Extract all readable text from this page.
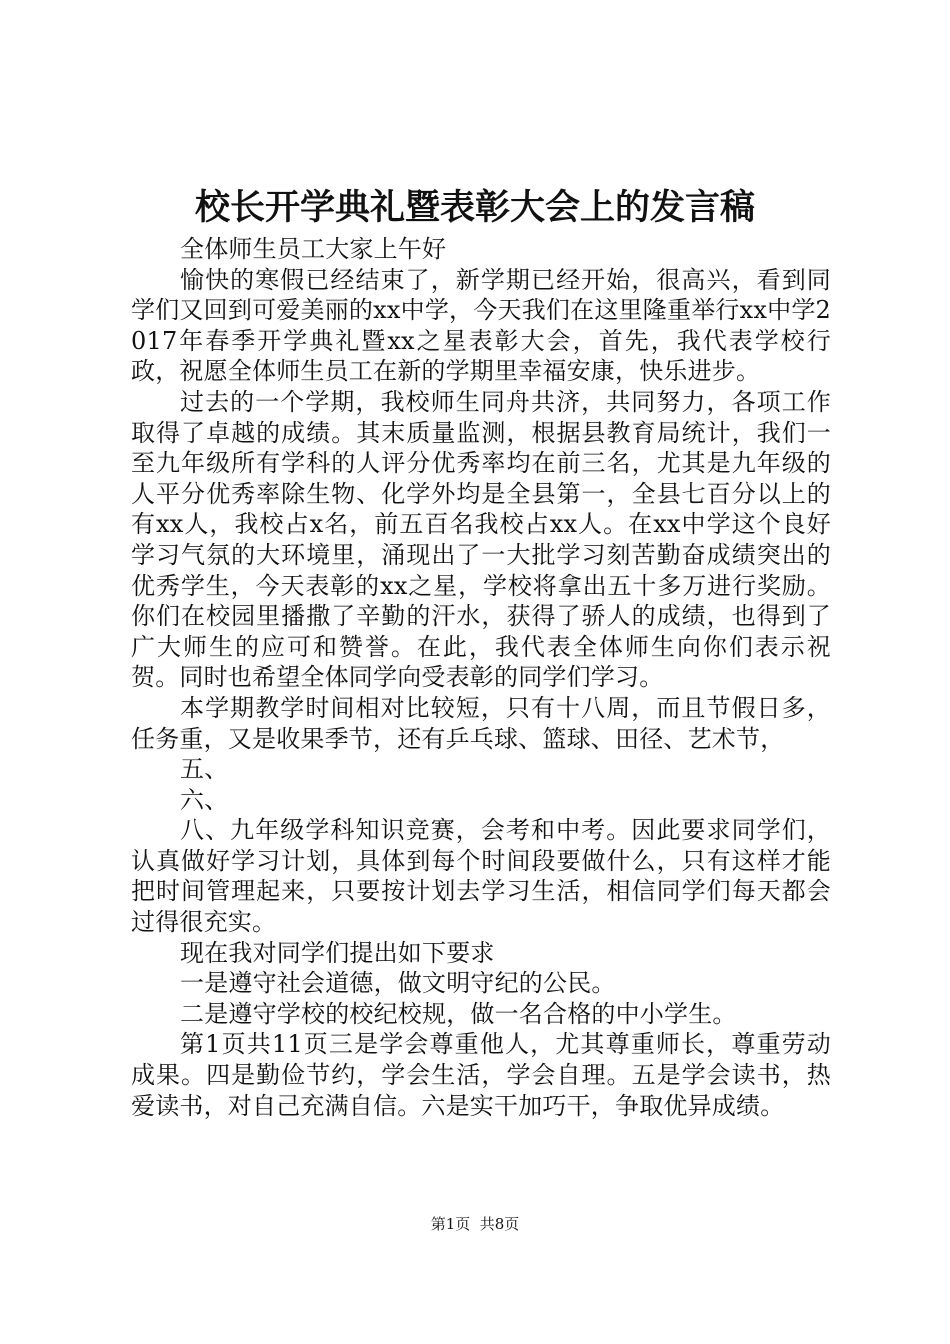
校长开学典礼暨表彰大会上的发言稿

全体师生员工大家上午好

愉快的寒假已经结束了，新学期已经开始，很高兴，看到同学们又回到可爱美丽的xx中学，今天我们在这里隆重举行xx中学2017年春季开学典礼暨xx之星表彰大会，首先，我代表学校行政，祝愿全体师生员工在新的学期里幸福安康，快乐进步。

过去的一个学期，我校师生同舟共济，共同努力，各项工作取得了卓越的成绩。其末质量监测，根据县教育局统计，我们一至九年级所有学科的人评分优秀率均在前三名，尤其是九年级的人平分优秀率除生物、化学外均是全县第一，全县七百分以上的有xx人，我校占x名，前五百名我校占xx人。在xx中学这个良好学习气氛的大环境里，涌现出了一大批学习刻苦勤奋成绩突出的优秀学生，今天表彰的xx之星，学校将拿出五十多万进行奖励。你们在校园里播撒了辛勤的汗水，获得了骄人的成绩，也得到了广大师生的应可和赞誉。在此，我代表全体师生向你们表示祝贺。同时也希望全体同学向受表彰的同学们学习。

本学期教学时间相对比较短，只有十八周，而且节假日多，任务重，又是收果季节，还有乒乓球、篮球、田径、艺术节，

五、

六、

八、九年级学科知识竞赛，会考和中考。因此要求同学们，认真做好学习计划，具体到每个时间段要做什么，只有这样才能把时间管理起来，只要按计划去学习生活，相信同学们每天都会过得很充实。

现在我对同学们提出如下要求

一是遵守社会道德，做文明守纪的公民。

二是遵守学校的校纪校规，做一名合格的中小学生。

第1页共11页三是学会尊重他人，尤其尊重师长，尊重劳动成果。四是勤俭节约，学会生活，学会自理。五是学会读书，热爱读书，对自己充满自信。六是实干加巧干，争取优异成绩。

第1页  共8页
